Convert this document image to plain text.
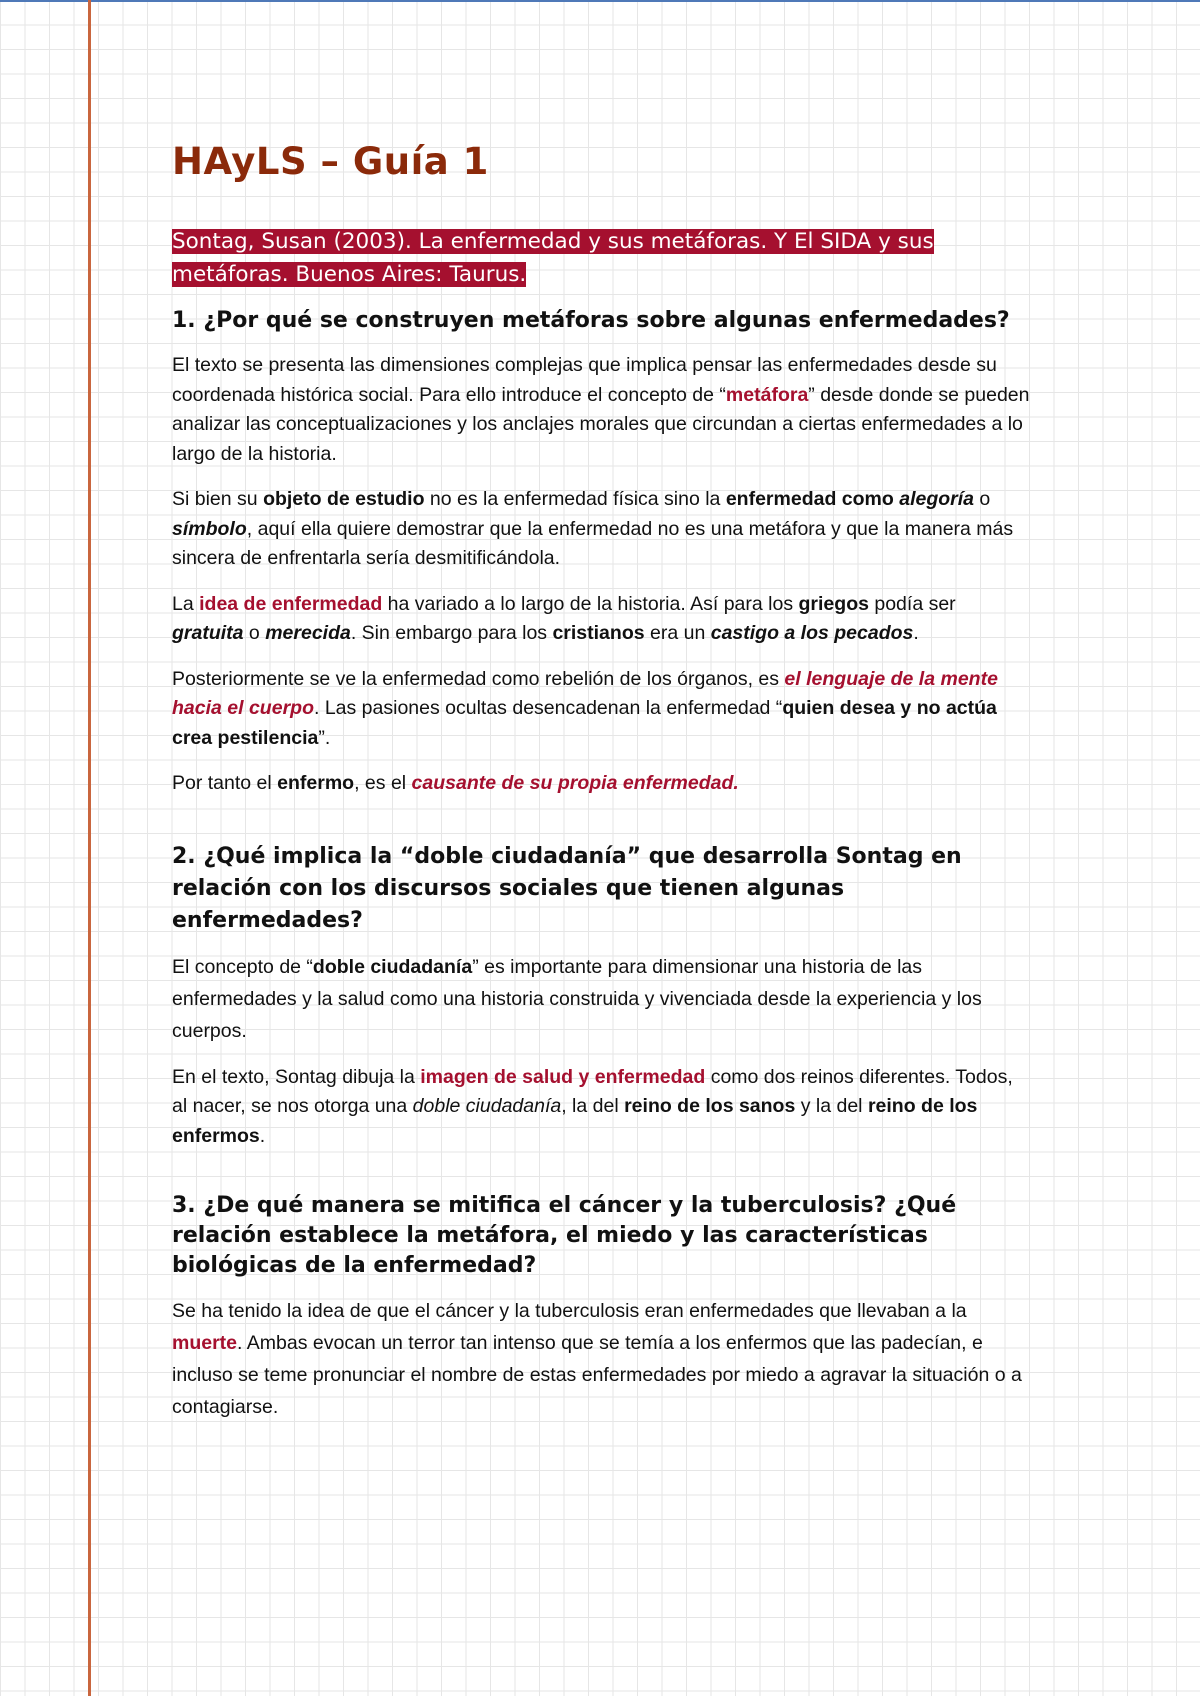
HAyLS – Guía 1

Sontag, Susan (2003). La enfermedad y sus metáforas. Y El SIDA y sus
metáforas. Buenos Aires: Taurus.

1. ¿Por qué se construyen metáforas sobre algunas enfermedades?

El texto se presenta las dimensiones complejas que implica pensar las enfermedades desde su coordenada histórica social. Para ello introduce el concepto de “metáfora” desde donde se pueden analizar las conceptualizaciones y los anclajes morales que circundan a ciertas enfermedades a lo largo de la historia.

Si bien su objeto de estudio no es la enfermedad física sino la enfermedad como alegoría o símbolo, aquí ella quiere demostrar que la enfermedad no es una metáfora y que la manera más sincera de enfrentarla sería desmitificándola.

La idea de enfermedad ha variado a lo largo de la historia. Así para los griegos podía ser gratuita o merecida. Sin embargo para los cristianos era un castigo a los pecados.

Posteriormente se ve la enfermedad como rebelión de los órganos, es el lenguaje de la mente hacia el cuerpo. Las pasiones ocultas desencadenan la enfermedad “quien desea y no actúa crea pestilencia”.

Por tanto el enfermo, es el causante de su propia enfermedad.

2. ¿Qué implica la “doble ciudadanía” que desarrolla Sontag en relación con los discursos sociales que tienen algunas enfermedades?

El concepto de “doble ciudadanía” es importante para dimensionar una historia de las enfermedades y la salud como una historia construida y vivenciada desde la experiencia y los cuerpos.

En el texto, Sontag dibuja la imagen de salud y enfermedad como dos reinos diferentes. Todos, al nacer, se nos otorga una doble ciudadanía, la del reino de los sanos y la del reino de los enfermos.

3. ¿De qué manera se mitifica el cáncer y la tuberculosis? ¿Qué relación establece la metáfora, el miedo y las características biológicas de la enfermedad?

Se ha tenido la idea de que el cáncer y la tuberculosis eran enfermedades que llevaban a la muerte. Ambas evocan un terror tan intenso que se temía a los enfermos que las padecían, e incluso se teme pronunciar el nombre de estas enfermedades por miedo a agravar la situación o a contagiarse.
